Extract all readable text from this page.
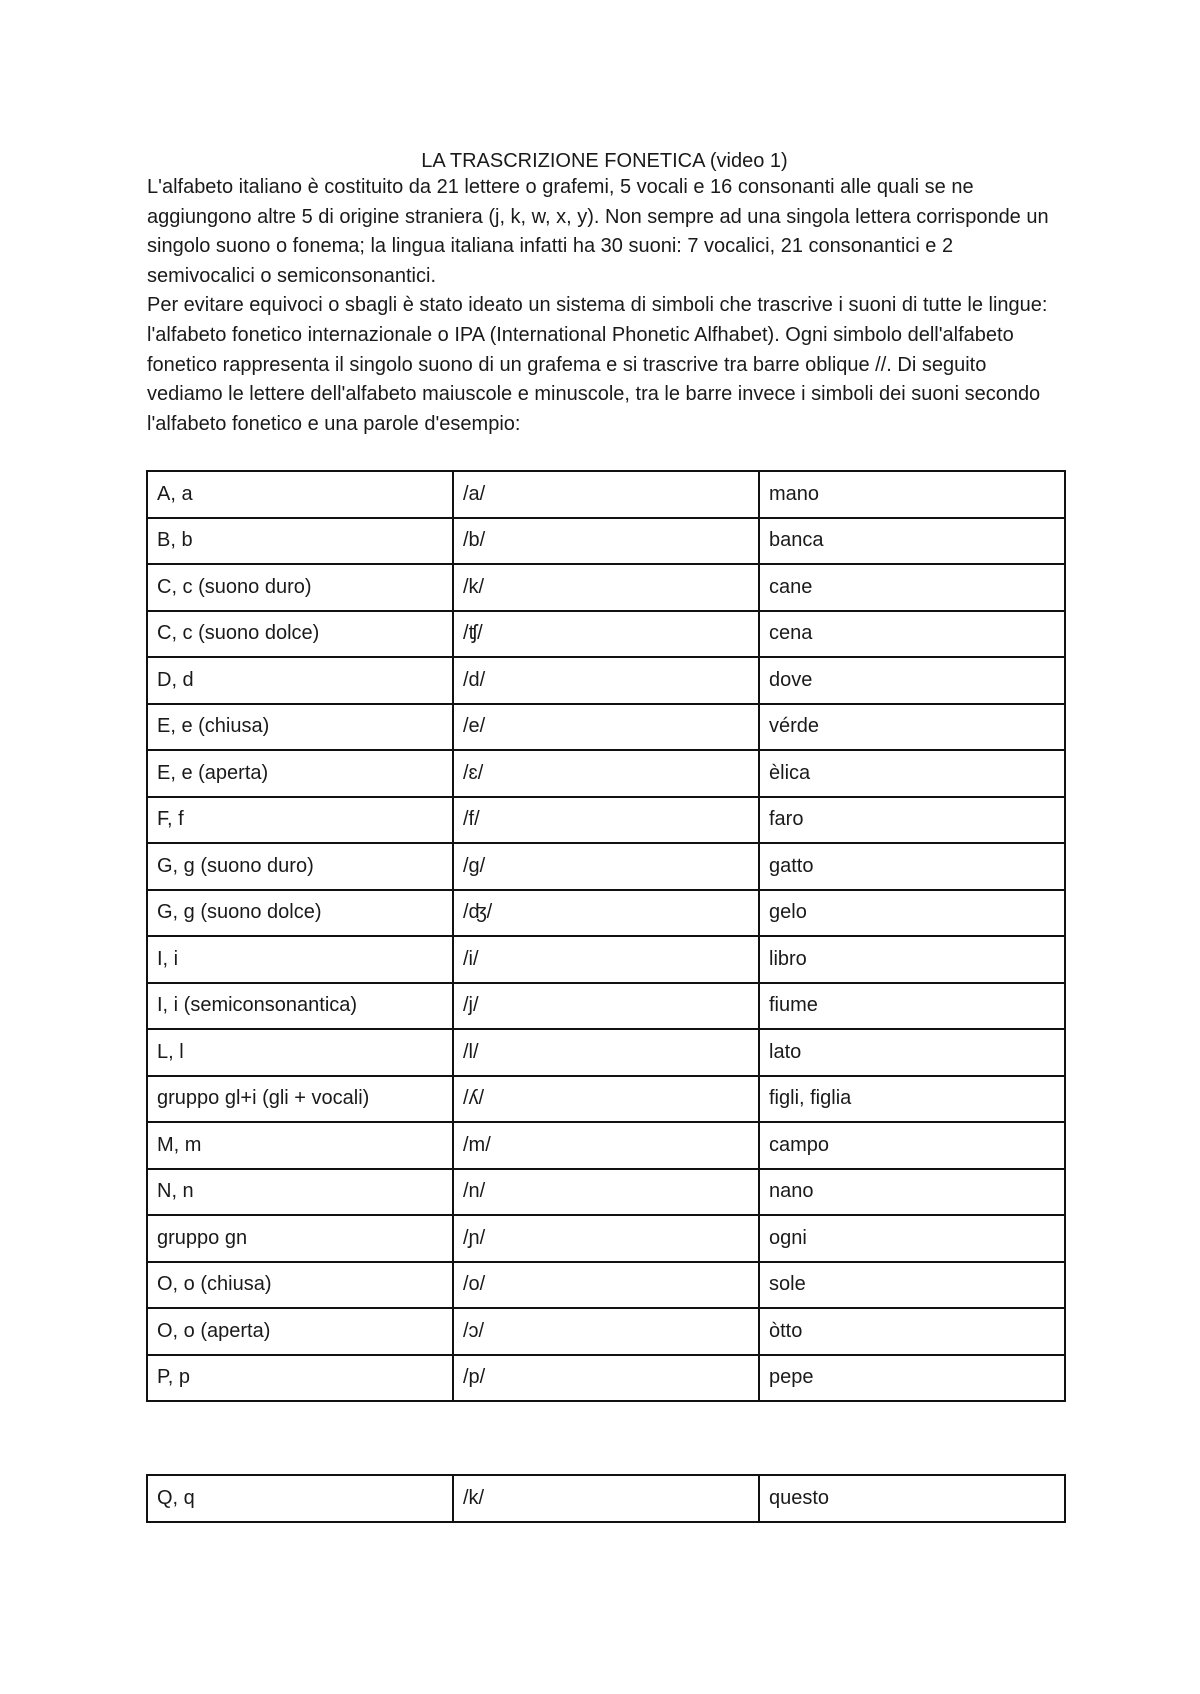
LA TRASCRIZIONE FONETICA (video 1)

L'alfabeto italiano è costituito da 21 lettere o grafemi, 5 vocali e 16 consonanti alle quali se ne aggiungono altre 5 di origine straniera (j, k, w, x, y). Non sempre ad una singola lettera corrisponde un singolo suono o fonema; la lingua italiana infatti ha 30 suoni: 7 vocalici, 21 consonantici e 2 semivocalici o semiconsonantici.

Per evitare equivoci o sbagli è stato ideato un sistema di simboli che trascrive i suoni di tutte le lingue: l'alfabeto fonetico internazionale o IPA (International Phonetic Alfhabet). Ogni simbolo dell'alfabeto fonetico rappresenta il singolo suono di un grafema e si trascrive tra barre oblique //. Di seguito vediamo le lettere dell'alfabeto maiuscole e minuscole, tra le barre invece i simboli dei suoni secondo l'alfabeto fonetico e una parole d'esempio:

A, a	/a/	mano
B, b	/b/	banca
C, c (suono duro)	/k/	cane
C, c (suono dolce)	/ʧ/	cena
D, d	/d/	dove
E, e (chiusa)	/e/	vérde
E, e (aperta)	/ɛ/	èlica
F, f	/f/	faro
G, g (suono duro)	/g/	gatto
G, g (suono dolce)	/ʤ/	gelo
I, i	/i/	libro
I, i (semiconsonantica)	/j/	fiume
L, l	/l/	lato
gruppo gl+i (gli + vocali)	/ʎ/	figli, figlia
M, m	/m/	campo
N, n	/n/	nano
gruppo gn	/ɲ/	ogni
O, o (chiusa)	/o/	sole
O, o (aperta)	/ɔ/	òtto
P, p	/p/	pepe
Q, q	/k/	questo
